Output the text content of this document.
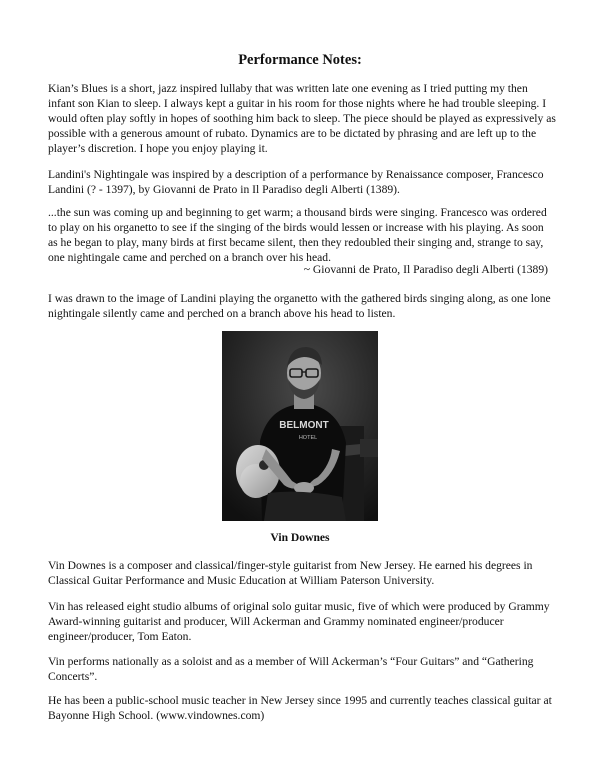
Performance Notes:

Kian’s Blues is a short, jazz inspired lullaby that was written late one evening as I tried putting my then infant son Kian to sleep. I always kept a guitar in his room for those nights where he had trouble sleeping. I would often play softly in hopes of soothing him back to sleep. The piece should be played as expressively as possible with a generous amount of rubato. Dynamics are to be dictated by phrasing and are left up to the player’s discretion. I hope you enjoy playing it.

Landini's Nightingale was inspired by a description of a performance by Renaissance composer, Francesco Landini (? - 1397), by Giovanni de Prato in Il Paradiso degli Alberti (1389).

...the sun was coming up and beginning to get warm; a thousand birds were singing. Francesco was ordered to play on his organetto to see if the singing of the birds would lessen or increase with his playing. As soon as he began to play, many birds at first became silent, then they redoubled their singing and, strange to say, one nightingale came and perched on a branch over his head.

~ Giovanni de Prato, Il Paradiso degli Alberti (1389)

I was drawn to the image of Landini playing the organetto with the gathered birds singing along, as one lone nightingale silently came and perched on a branch above his head to listen.

BELMONT
HOTEL
Vin Downes

Vin Downes is a composer and classical/finger-style guitarist from New Jersey. He earned his degrees in Classical Guitar Performance and Music Education at William Paterson University.

Vin has released eight studio albums of original solo guitar music, five of which were produced by Grammy Award-winning guitarist and producer, Will Ackerman and Grammy nominated engineer/producer engineer/producer, Tom Eaton.

Vin performs nationally as a soloist and as a member of Will Ackerman’s “Four Guitars” and “Gathering Concerts”.

He has been a public-school music teacher in New Jersey since 1995 and currently teaches classical guitar at Bayonne High School. (www.vindownes.com)
